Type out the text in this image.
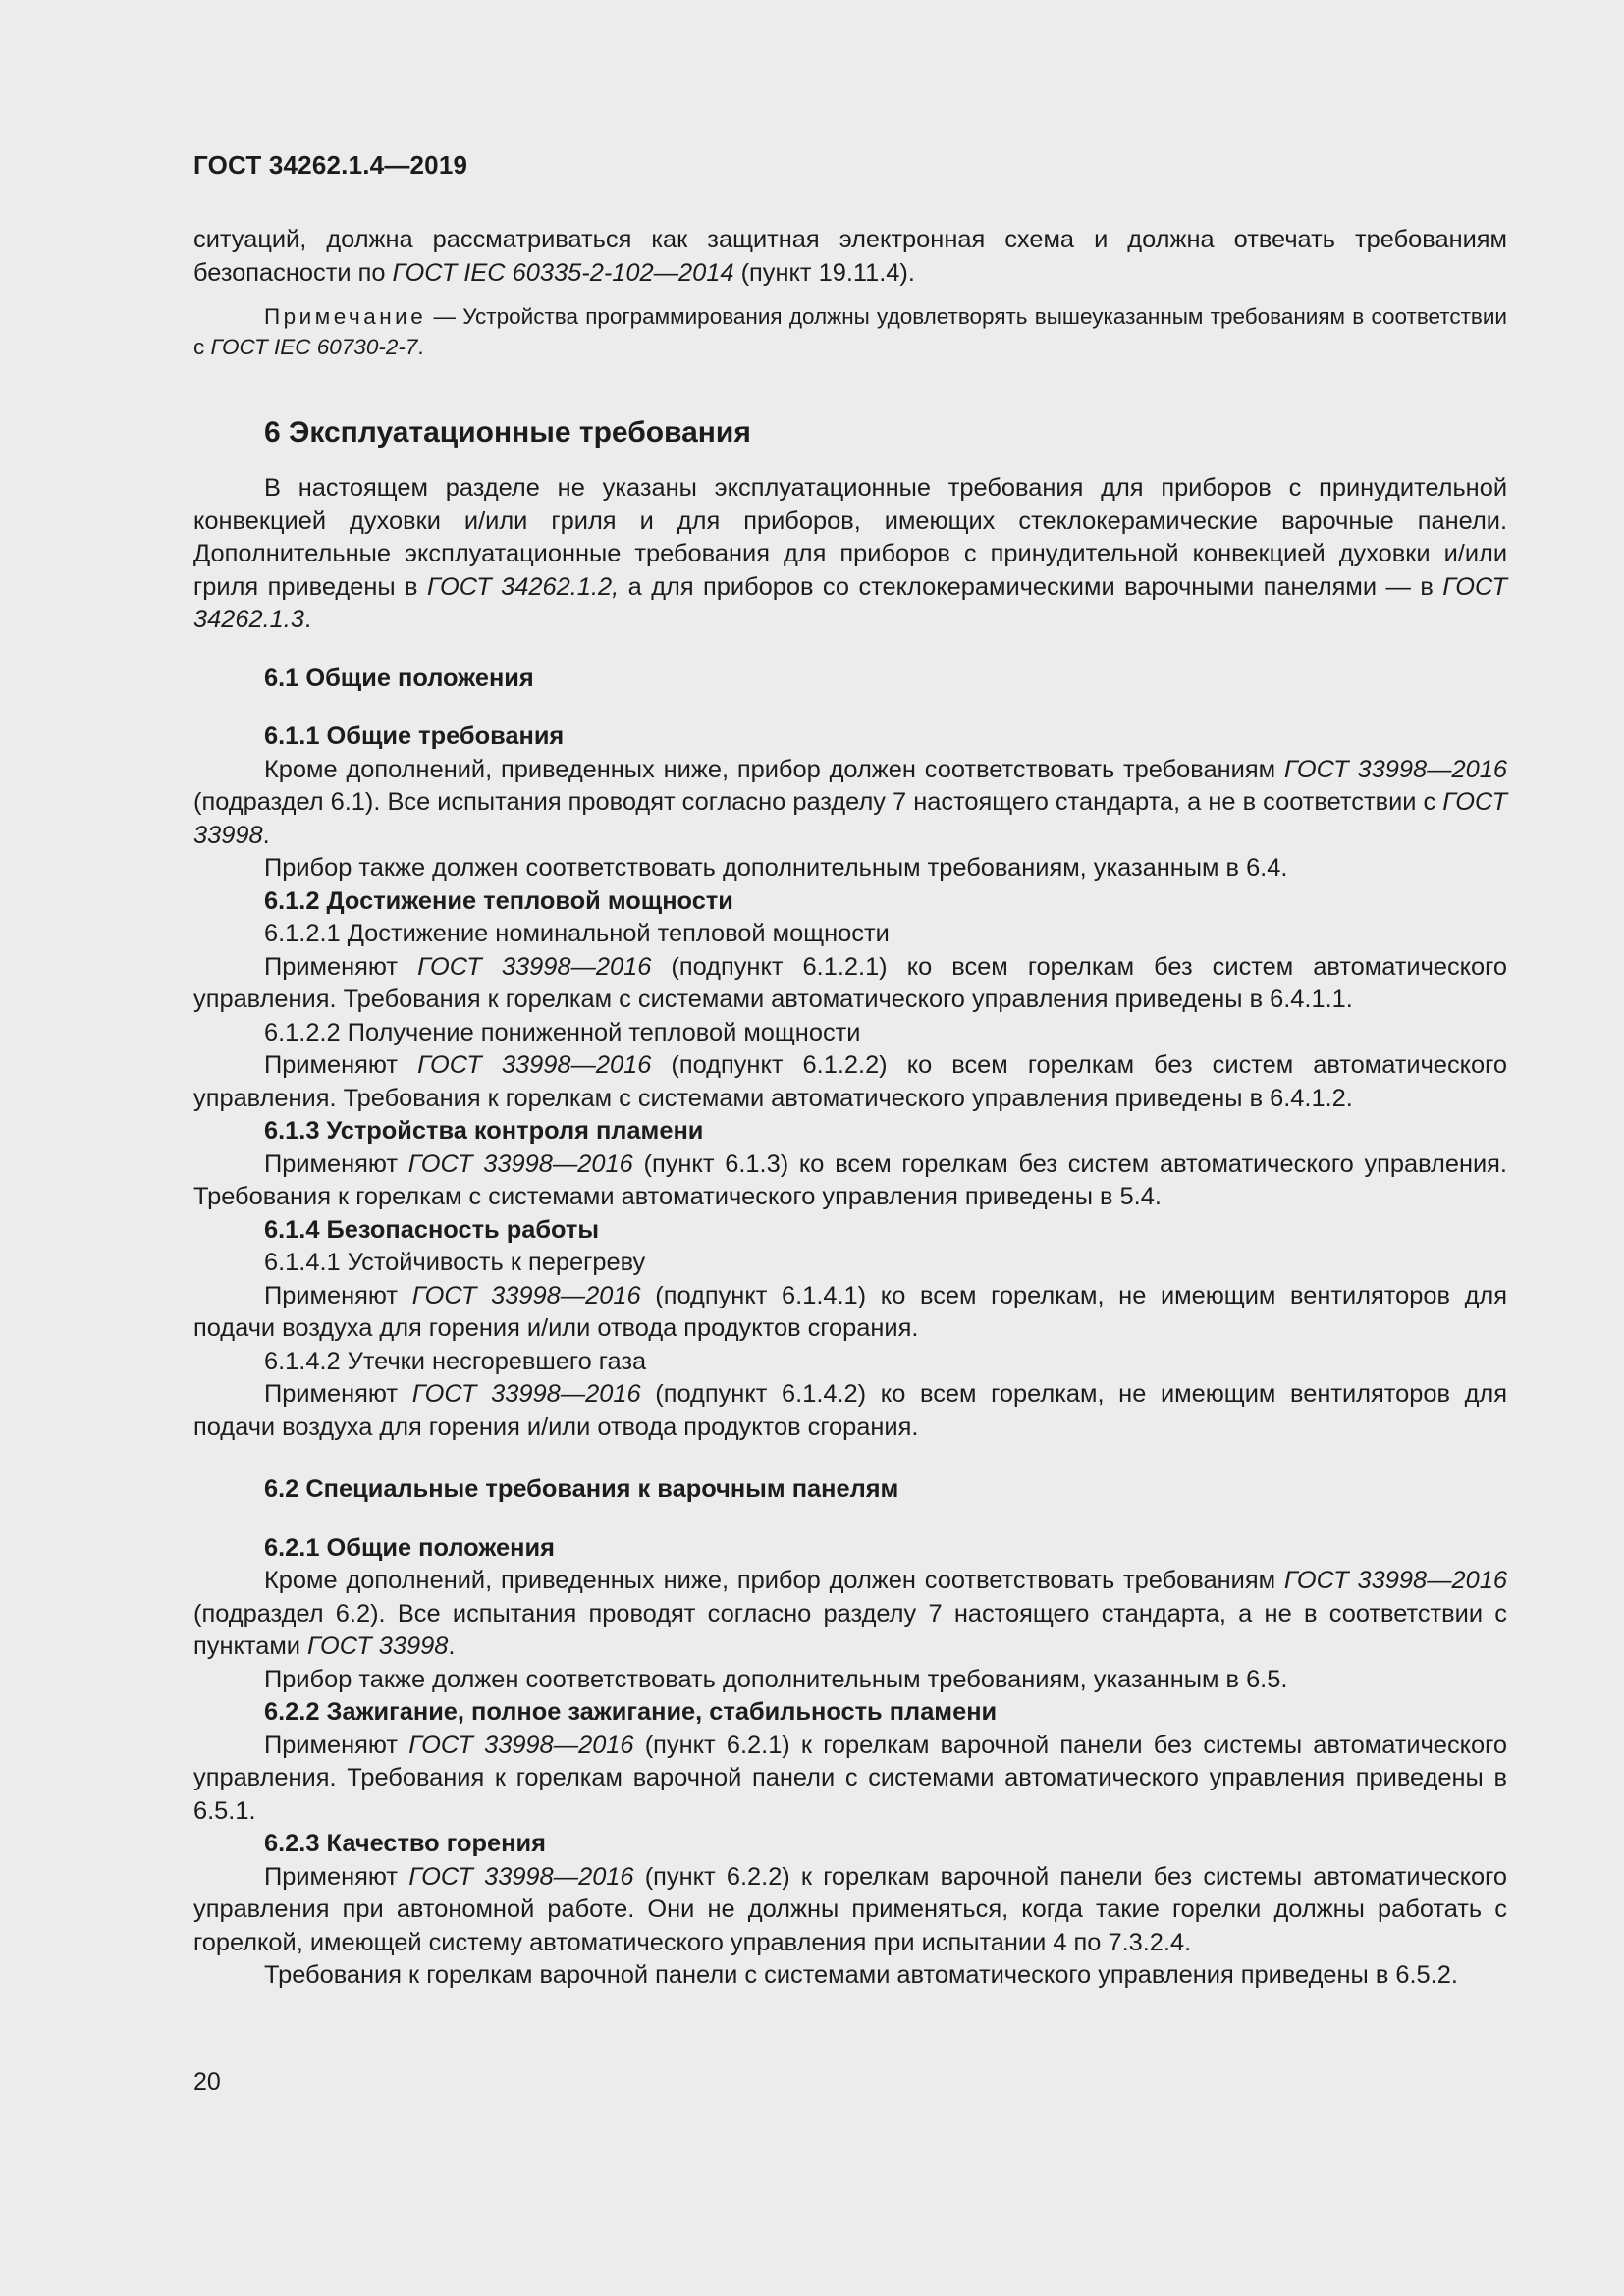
ГОСТ 34262.1.4—2019

ситуаций, должна рассматриваться как защитная электронная схема и должна отвечать требованиям безопасности по ГОСТ IEC 60335-2-102—2014 (пункт 19.11.4).

Примечание — Устройства программирования должны удовлетворять вышеуказанным требованиям в соответствии с ГОСТ IEC 60730-2-7.

6 Эксплуатационные требования

В настоящем разделе не указаны эксплуатационные требования для приборов с принудительной конвекцией духовки и/или гриля и для приборов, имеющих стеклокерамические варочные панели. Дополнительные эксплуатационные требования для приборов с принудительной конвекцией духовки и/или гриля приведены в ГОСТ 34262.1.2, а для приборов со стеклокерамическими варочными панелями — в ГОСТ 34262.1.3.

6.1 Общие положения

6.1.1 Общие требования

Кроме дополнений, приведенных ниже, прибор должен соответствовать требованиям ГОСТ 33998—2016 (подраздел 6.1). Все испытания проводят согласно разделу 7 настоящего стандарта, а не в соответствии с ГОСТ 33998.

Прибор также должен соответствовать дополнительным требованиям, указанным в 6.4.

6.1.2 Достижение тепловой мощности

6.1.2.1 Достижение номинальной тепловой мощности

Применяют ГОСТ 33998—2016 (подпункт 6.1.2.1) ко всем горелкам без систем автоматического управления. Требования к горелкам с системами автоматического управления приведены в 6.4.1.1.

6.1.2.2 Получение пониженной тепловой мощности

Применяют ГОСТ 33998—2016 (подпункт 6.1.2.2) ко всем горелкам без систем автоматического управления. Требования к горелкам с системами автоматического управления приведены в 6.4.1.2.

6.1.3 Устройства контроля пламени

Применяют ГОСТ 33998—2016 (пункт 6.1.3) ко всем горелкам без систем автоматического управления. Требования к горелкам с системами автоматического управления приведены в 5.4.

6.1.4 Безопасность работы

6.1.4.1 Устойчивость к перегреву

Применяют ГОСТ 33998—2016 (подпункт 6.1.4.1) ко всем горелкам, не имеющим вентиляторов для подачи воздуха для горения и/или отвода продуктов сгорания.

6.1.4.2 Утечки несгоревшего газа

Применяют ГОСТ 33998—2016 (подпункт 6.1.4.2) ко всем горелкам, не имеющим вентиляторов для подачи воздуха для горения и/или отвода продуктов сгорания.

6.2 Специальные требования к варочным панелям

6.2.1 Общие положения

Кроме дополнений, приведенных ниже, прибор должен соответствовать требованиям ГОСТ 33998—2016 (подраздел 6.2). Все испытания проводят согласно разделу 7 настоящего стандарта, а не в соответствии с пунктами ГОСТ 33998.

Прибор также должен соответствовать дополнительным требованиям, указанным в 6.5.

6.2.2 Зажигание, полное зажигание, стабильность пламени

Применяют ГОСТ 33998—2016 (пункт 6.2.1) к горелкам варочной панели без системы автоматического управления. Требования к горелкам варочной панели с системами автоматического управления приведены в 6.5.1.

6.2.3 Качество горения

Применяют ГОСТ 33998—2016 (пункт 6.2.2) к горелкам варочной панели без системы автоматического управления при автономной работе. Они не должны применяться, когда такие горелки должны работать с горелкой, имеющей систему автоматического управления при испытании 4 по 7.3.2.4.

Требования к горелкам варочной панели с системами автоматического управления приведены в 6.5.2.

20
